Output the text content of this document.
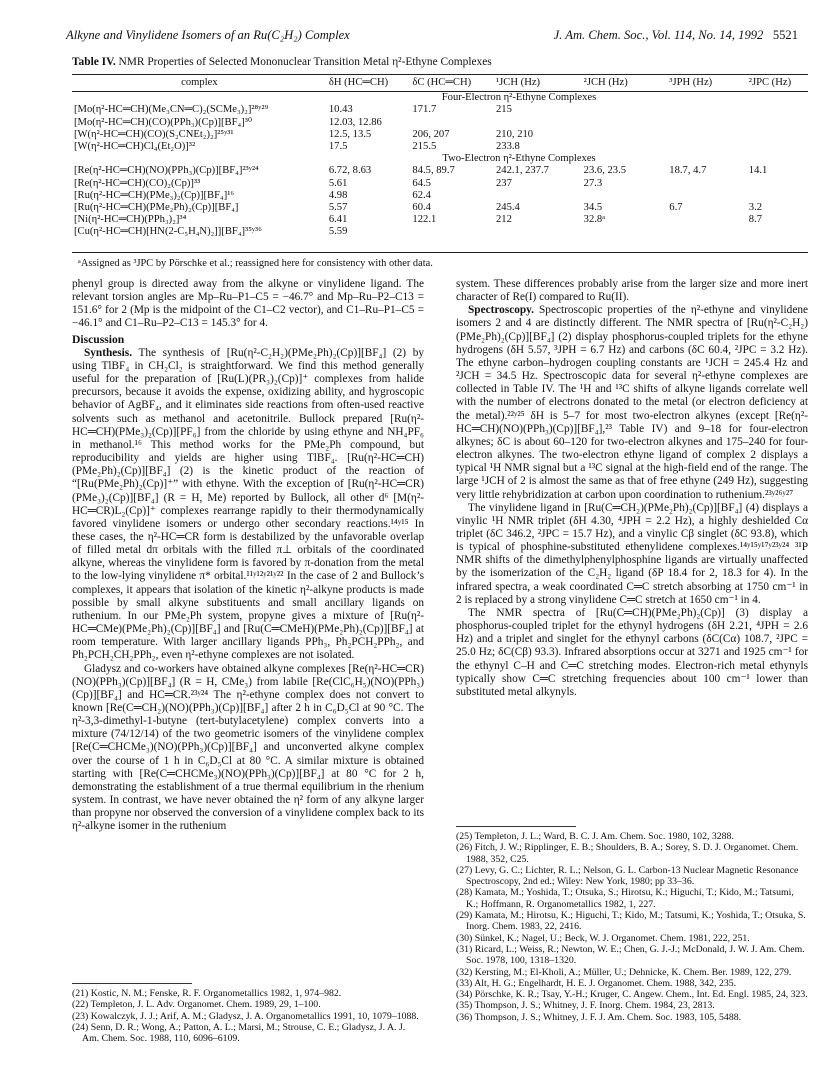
Alkyne and Vinylidene Isomers of an Ru(C₂H₂) Complex	J. Am. Chem. Soc., Vol. 114, No. 14, 1992 5521
Table IV. NMR Properties of Selected Mononuclear Transition Metal η²-Ethyne Complexes
complex	δH (HC═CH)	δC (HC═CH)	¹JCH (Hz)	²JCH (Hz)	³JPH (Hz)	²JPC (Hz)

Four-Electron η²-Ethyne Complexes						
[Mo(η²-HC═CH)(Me₃CN═C)₂(SCMe₃)₂]²⁸ʸ²⁹	10.43	171.7	215			
[Mo(η²-HC═CH)(CO)(PPh₃)(Cp)][BF₄]³⁰	12.03, 12.86					
[W(η²-HC═CH)(CO)(S₂CNEt₂)₂]²⁵ʸ³¹	12.5, 13.5	206, 207	210, 210			
[W(η²-HC═CH)Cl₄(Et₂O)]³²	17.5	215.5	233.8			
Two-Electron η²-Ethyne Complexes						
[Re(η²-HC═CH)(NO)(PPh₃)(Cp)][BF₄]²³ʸ²⁴	6.72, 8.63	84.5, 89.7	242.1, 237.7	23.6, 23.5	18.7, 4.7	14.1
[Re(η²-HC═CH)(CO)₂(Cp)]³³	5.61	64.5	237	27.3		
[Ru(η²-HC═CH)(PMe₃)₂(Cp)][BF₄]¹⁶	4.98	62.4				
[Ru(η²-HC═CH)(PMe₂Ph)₂(Cp)][BF₄]	5.57	60.4	245.4	34.5	6.7	3.2
[Ni(η²-HC═CH)(PPh₃)₂]³⁴	6.41	122.1	212	32.8ᵃ		8.7
[Cu(η²-HC═CH)[HN(2-C₅H₄N)₂]][BF₄]³⁵ʸ³⁶	5.59					
ᵃAssigned as ³JPC by Pörschke et al.; reassigned here for consistency with other data.

phenyl group is directed away from the alkyne or vinylidene ligand. The relevant torsion angles are Mp–Ru–P1–C5 = −46.7° and Mp–Ru–P2–C13 = 151.6° for 2 (Mp is the midpoint of the C1–C2 vector), and C1–Ru–P1–C5 = −46.1° and C1–Ru–P2–C13 = 145.3° for 4.

Discussion

Synthesis. The synthesis of [Ru(η²-C₂H₂)(PMe₂Ph)₂(Cp)][BF₄] (2) by using TlBF₄ in CH₂Cl₂ is straightforward. We find this method generally useful for the preparation of [Ru(L)(PR₃)₂(Cp)]⁺ complexes from halide precursors, because it avoids the expense, oxidizing ability, and hygroscopic behavior of AgBF₄, and it eliminates side reactions from often-used reactive solvents such as methanol and acetonitrile. Bullock prepared [Ru(η²-HC═CH)(PMe₃)₂(Cp)][PF₆] from the chloride by using ethyne and NH₄PF₆ in methanol.¹⁶ This method works for the PMe₂Ph compound, but reproducibility and yields are higher using TlBF₄. [Ru(η²-HC═CH)(PMe₂Ph)₂(Cp)][BF₄] (2) is the kinetic product of the reaction of “[Ru(PMe₂Ph)₂(Cp)]⁺” with ethyne. With the exception of [Ru(η²-HC═CR)(PMe₃)₂(Cp)][BF₄] (R = H, Me) reported by Bullock, all other d⁶ [M(η²-HC═CR)L₂(Cp)]⁺ complexes rearrange rapidly to their thermodynamically favored vinylidene isomers or undergo other secondary reactions.¹⁴ʸ¹⁵ In these cases, the η²-HC═CR form is destabilized by the unfavorable overlap of filled metal dπ orbitals with the filled π⊥ orbitals of the coordinated alkyne, whereas the vinylidene form is favored by π-donation from the metal to the low-lying vinylidene π* orbital.¹¹ʸ¹²ʸ²¹ʸ²² In the case of 2 and Bullock’s complexes, it appears that isolation of the kinetic η²-alkyne products is made possible by small alkyne substituents and small ancillary ligands on ruthenium. In our PMe₂Ph system, propyne gives a mixture of [Ru(η²-HC═CMe)(PMe₂Ph)₂(Cp)][BF₄] and [Ru(C═CMeH)(PMe₂Ph)₂(Cp)][BF₄] at room temperature. With larger ancillary ligands PPh₃, Ph₂PCH₂PPh₂, and Ph₂PCH₂CH₂PPh₂, even η²-ethyne complexes are not isolated.

Gladysz and co-workers have obtained alkyne complexes [Re(η²-HC═CR)(NO)(PPh₃)(Cp)][BF₄] (R = H, CMe₃) from labile [Re(ClC₆H₅)(NO)(PPh₃)(Cp)][BF₄] and HC═CR.²³ʸ²⁴ The η²-ethyne complex does not convert to known [Re(C═CH₂)(NO)(PPh₃)(Cp)][BF₄] after 2 h in C₆D₅Cl at 90 °C. The η²-3,3-dimethyl-1-butyne (tert-butylacetylene) complex converts into a mixture (74/12/14) of the two geometric isomers of the vinylidene complex [Re(C═CHCMe₃)(NO)(PPh₃)(Cp)][BF₄] and unconverted alkyne complex over the course of 1 h in C₆D₅Cl at 80 °C. A similar mixture is obtained starting with [Re(C═CHCMe₃)(NO)(PPh₃)(Cp)][BF₄] at 80 °C for 2 h, demonstrating the establishment of a true thermal equilibrium in the rhenium system. In contrast, we have never obtained the η² form of any alkyne larger than propyne nor observed the conversion of a vinylidene complex back to its η²-alkyne isomer in the ruthenium

(21) Kostic, N. M.; Fenske, R. F. Organometallics 1982, 1, 974–982.

(22) Templeton, J. L. Adv. Organomet. Chem. 1989, 29, 1–100.

(23) Kowalczyk, J. J.; Arif, A. M.; Gladysz, J. A. Organometallics 1991, 10, 1079–1088.

(24) Senn, D. R.; Wong, A.; Patton, A. L.; Marsi, M.; Strouse, C. E.; Gladysz, J. A. J. Am. Chem. Soc. 1988, 110, 6096–6109.

system. These differences probably arise from the larger size and more inert character of Re(I) compared to Ru(II).

Spectroscopy. Spectroscopic properties of the η²-ethyne and vinylidene isomers 2 and 4 are distinctly different. The NMR spectra of [Ru(η²-C₂H₂)(PMe₂Ph)₂(Cp)][BF₄] (2) display phosphorus-coupled triplets for the ethyne hydrogens (δH 5.57, ³JPH = 6.7 Hz) and carbons (δC 60.4, ²JPC = 3.2 Hz). The ethyne carbon–hydrogen coupling constants are ¹JCH = 245.4 Hz and ²JCH = 34.5 Hz. Spectroscopic data for several η²-ethyne complexes are collected in Table IV. The ¹H and ¹³C shifts of alkyne ligands correlate well with the number of electrons donated to the metal (or electron deficiency at the metal).²²ʸ²⁵ δH is 5–7 for most two-electron alkynes (except [Re(η²-HC═CH)(NO)(PPh₃)(Cp)][BF₄],²³ Table IV) and 9–18 for four-electron alkynes; δC is about 60–120 for two-electron alkynes and 175–240 for four-electron alkynes. The two-electron ethyne ligand of complex 2 displays a typical ¹H NMR signal but a ¹³C signal at the high-field end of the range. The large ¹JCH of 2 is almost the same as that of free ethyne (249 Hz), suggesting very little rehybridization at carbon upon coordination to ruthenium.²³ʸ²⁶ʸ²⁷

The vinylidene ligand in [Ru(C═CH₂)(PMe₂Ph)₂(Cp)][BF₄] (4) displays a vinylic ¹H NMR triplet (δH 4.30, ⁴JPH = 2.2 Hz), a highly deshielded Cα triplet (δC 346.2, ²JPC = 15.7 Hz), and a vinylic Cβ singlet (δC 93.8), which is typical of phosphine-substituted ethenylidene complexes.¹⁴ʸ¹⁵ʸ¹⁷ʸ²³ʸ²⁴ ³¹P NMR shifts of the dimethylphenylphosphine ligands are virtually unaffected by the isomerization of the C₂H₂ ligand (δP 18.4 for 2, 18.3 for 4). In the infrared spectra, a weak coordinated C═C stretch absorbing at 1750 cm⁻¹ in 2 is replaced by a strong vinylidene C═C stretch at 1650 cm⁻¹ in 4.

The NMR spectra of [Ru(C═CH)(PMe₂Ph)₂(Cp)] (3) display a phosphorus-coupled triplet for the ethynyl hydrogens (δH 2.21, ⁴JPH = 2.6 Hz) and a triplet and singlet for the ethynyl carbons (δC(Cα) 108.7, ²JPC = 25.0 Hz; δC(Cβ) 93.3). Infrared absorptions occur at 3271 and 1925 cm⁻¹ for the ethynyl C–H and C═C stretching modes. Electron-rich metal ethynyls typically show C═C stretching frequencies about 100 cm⁻¹ lower than substituted metal alkynyls.

(25) Templeton, J. L.; Ward, B. C. J. Am. Chem. Soc. 1980, 102, 3288.

(26) Fitch, J. W.; Ripplinger, E. B.; Shoulders, B. A.; Sorey, S. D. J. Organomet. Chem. 1988, 352, C25.

(27) Levy, G. C.; Lichter, R. L.; Nelson, G. L. Carbon-13 Nuclear Magnetic Resonance Spectroscopy, 2nd ed.; Wiley: New York, 1980; pp 33–36.

(28) Kamata, M.; Yoshida, T.; Otsuka, S.; Hirotsu, K.; Higuchi, T.; Kido, M.; Tatsumi, K.; Hoffmann, R. Organometallics 1982, 1, 227.

(29) Kamata, M.; Hirotsu, K.; Higuchi, T.; Kido, M.; Tatsumi, K.; Yoshida, T.; Otsuka, S. Inorg. Chem. 1983, 22, 2416.

(30) Sünkel, K.; Nagel, U.; Beck, W. J. Organomet. Chem. 1981, 222, 251.

(31) Ricard, L.; Weiss, R.; Newton, W. E.; Chen, G. J.-J.; McDonald, J. W. J. Am. Chem. Soc. 1978, 100, 1318–1320.

(32) Kersting, M.; El-Kholi, A.; Müller, U.; Dehnicke, K. Chem. Ber. 1989, 122, 279.

(33) Alt, H. G.; Engelhardt, H. E. J. Organomet. Chem. 1988, 342, 235.

(34) Pörschke, K. R.; Tsay, Y.-H.; Kruger, C. Angew. Chem., Int. Ed. Engl. 1985, 24, 323.

(35) Thompson, J. S.; Whitney, J. F. Inorg. Chem. 1984, 23, 2813.

(36) Thompson, J. S.; Whitney, J. F. J. Am. Chem. Soc. 1983, 105, 5488.
